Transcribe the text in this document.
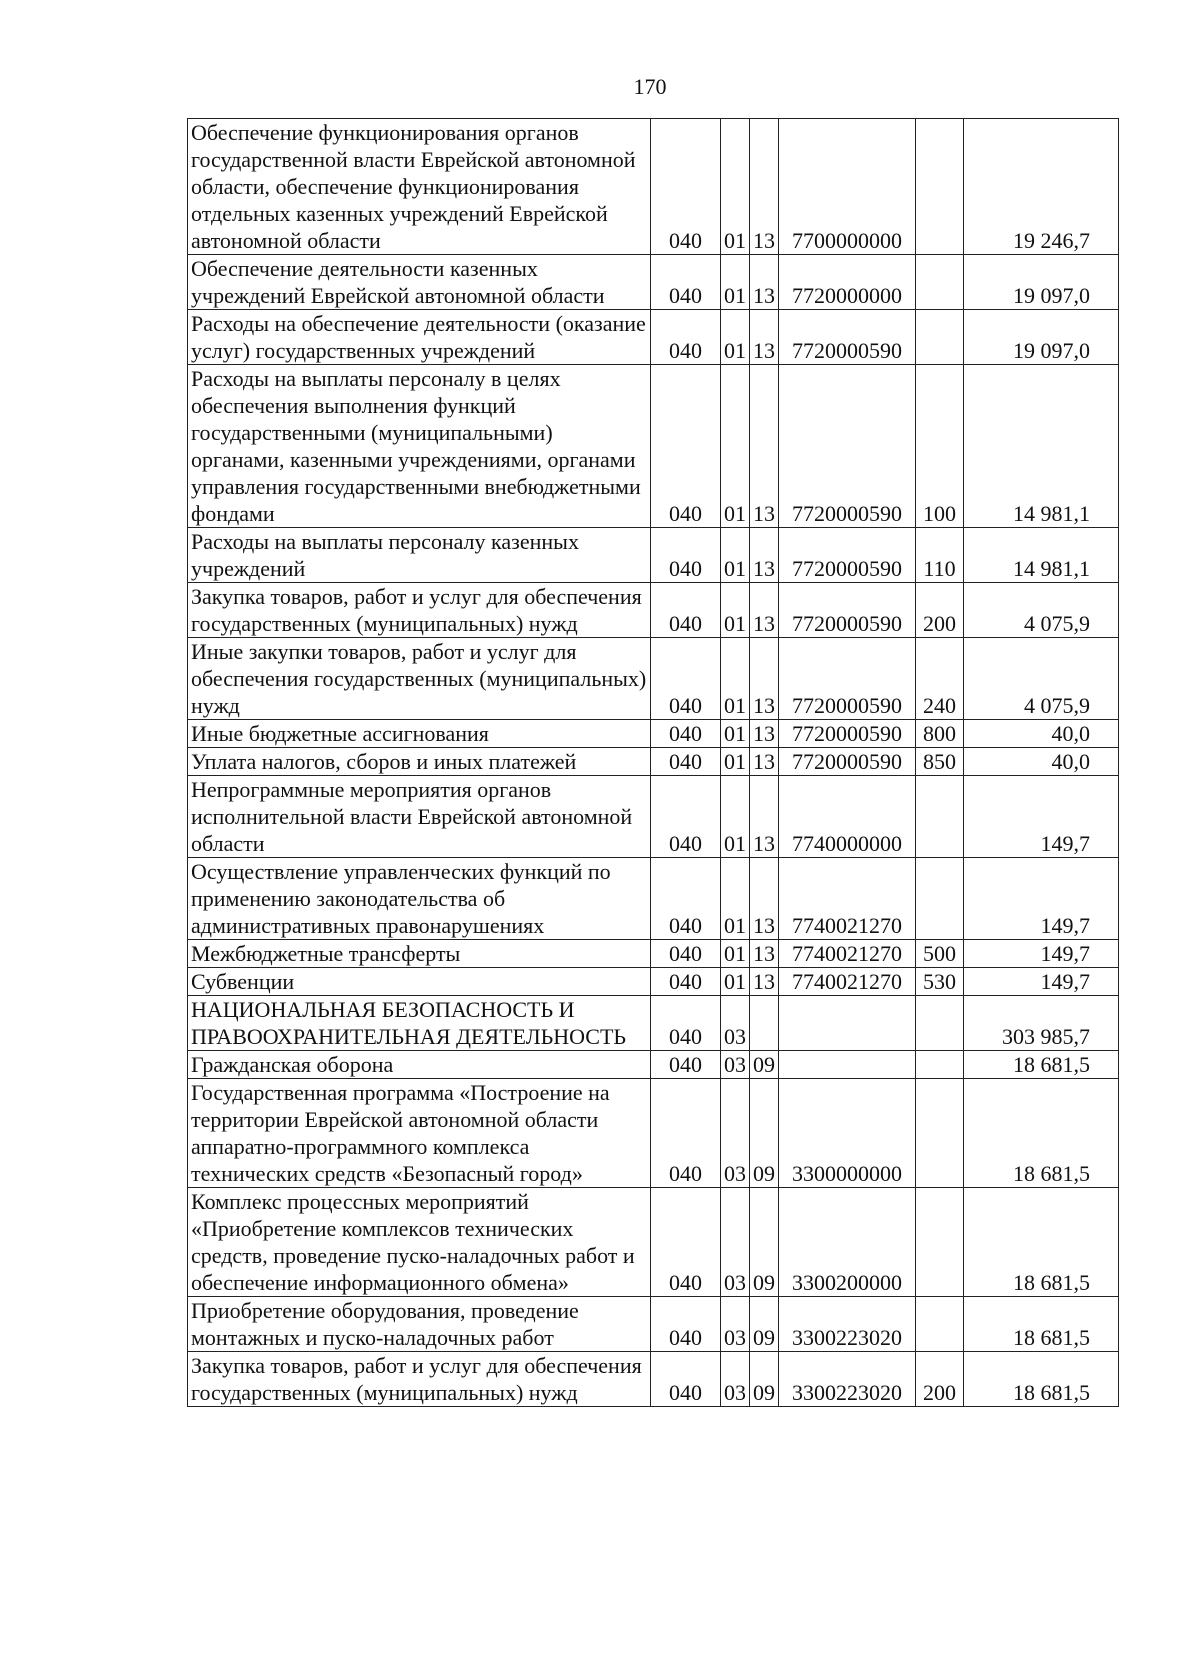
170
Обеспечение функционирования органов государственной власти Еврейской автономной области, обеспечение функционирования отдельных казенных учреждений Еврейской автономной области	040	01	13	7700000000		19 246,7
Обеспечение деятельности казенных учреждений Еврейской автономной области	040	01	13	7720000000		19 097,0
Расходы на обеспечение деятельности (оказание услуг) государственных учреждений	040	01	13	7720000590		19 097,0
Расходы на выплаты персоналу в целях обеспечения выполнения функций государственными (муниципальными) органами, казенными учреждениями, органами управления государственными внебюджетными фондами	040	01	13	7720000590	100	14 981,1
Расходы на выплаты персоналу казенных учреждений	040	01	13	7720000590	110	14 981,1
Закупка товаров, работ и услуг для обеспечения государственных (муниципальных) нужд	040	01	13	7720000590	200	4 075,9
Иные закупки товаров, работ и услуг для обеспечения государственных (муниципальных) нужд	040	01	13	7720000590	240	4 075,9
Иные бюджетные ассигнования	040	01	13	7720000590	800	40,0
Уплата налогов, сборов и иных платежей	040	01	13	7720000590	850	40,0
Непрограммные мероприятия органов исполнительной власти Еврейской автономной области	040	01	13	7740000000		149,7
Осуществление управленческих функций по применению законодательства об административных правонарушениях	040	01	13	7740021270		149,7
Межбюджетные трансферты	040	01	13	7740021270	500	149,7
Субвенции	040	01	13	7740021270	530	149,7
НАЦИОНАЛЬНАЯ БЕЗОПАСНОСТЬ И ПРАВООХРАНИТЕЛЬНАЯ ДЕЯТЕЛЬНОСТЬ	040	03				303 985,7
Гражданская оборона	040	03	09			18 681,5
Государственная программа «Построение на территории Еврейской автономной области аппаратно-программного комплекса технических средств «Безопасный город»	040	03	09	3300000000		18 681,5
Комплекс процессных мероприятий «Приобретение комплексов технических средств, проведение пуско-наладочных работ и обеспечение информационного обмена»	040	03	09	3300200000		18 681,5
Приобретение оборудования, проведение монтажных и пуско-наладочных работ	040	03	09	3300223020		18 681,5
Закупка товаров, работ и услуг для обеспечения государственных (муниципальных) нужд	040	03	09	3300223020	200	18 681,5
